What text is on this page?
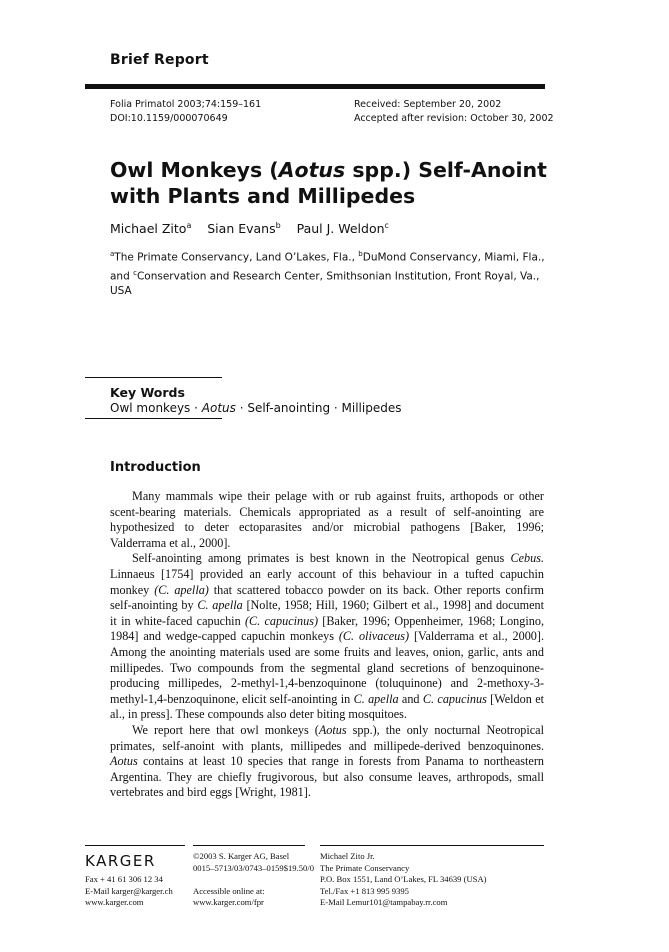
Brief Report
Folia Primatol 2003;74:159–161
DOI:10.1159/000070649
Received: September 20, 2002
Accepted after revision: October 30, 2002
Owl Monkeys (Aotus spp.) Self-Anoint with Plants and Millipedes
Michael Zito$^a$ Sian Evans$^b$ Paul J. Weldon$^c$
$^a$The Primate Conservancy, Land O’Lakes, Fla., $^b$DuMond Conservancy, Miami, Fla., and $^c$Conservation and Research Center, Smithsonian Institution, Front Royal, Va., USA
Key Words
Owl monkeys · Aotus · Self-anointing · Millipedes
Introduction

Many mammals wipe their pelage with or rub against fruits, arthopods or other scent-bearing materials. Chemicals appropriated as a result of self-anointing are hypothesized to deter ectoparasites and/or microbial pathogens [Baker, 1996; Valderrama et al., 2000].

Self-anointing among primates is best known in the Neotropical genus Cebus. Linnaeus [1754] provided an early account of this behaviour in a tufted capuchin monkey (C. apella) that scattered tobacco powder on its back. Other reports confirm self-anointing by C. apella [Nolte, 1958; Hill, 1960; Gilbert et al., 1998] and document it in white-faced capuchin (C. capucinus) [Baker, 1996; Oppenheimer, 1968; Longino, 1984] and wedge-capped capuchin monkeys (C. olivaceus) [Valderrama et al., 2000]. Among the anointing materials used are some fruits and leaves, onion, garlic, ants and millipedes. Two compounds from the segmental gland secretions of benzoquinone-producing millipedes, 2-methyl-1,4-benzoquinone (toluquinone) and 2-methoxy-3-methyl-1,4-benzoquinone, elicit self-anointing in C. apella and C. capucinus [Weldon et al., in press]. These compounds also deter biting mosquitoes.

We report here that owl monkeys (Aotus spp.), the only nocturnal Neotropical primates, self-anoint with plants, millipedes and millipede-derived benzoquinones. Aotus contains at least 10 species that range in forests from Panama to northeastern Argentina. They are chiefly frugivorous, but also consume leaves, arthropods, small vertebrates and bird eggs [Wright, 1981].

KARGER
Fax + 41 61 306 12 34
E-Mail karger@karger.ch
www.karger.com
©2003 S. Karger AG, Basel
0015–5713/03/0743–0159$19.50/0
Accessible online at:
www.karger.com/fpr
Michael Zito Jr.
The Primate Conservancy
P.O. Box 1551, Land O’Lakes, FL 34639 (USA)
Tel./Fax +1 813 995 9395
E-Mail Lemur101@tampabay.rr.com
